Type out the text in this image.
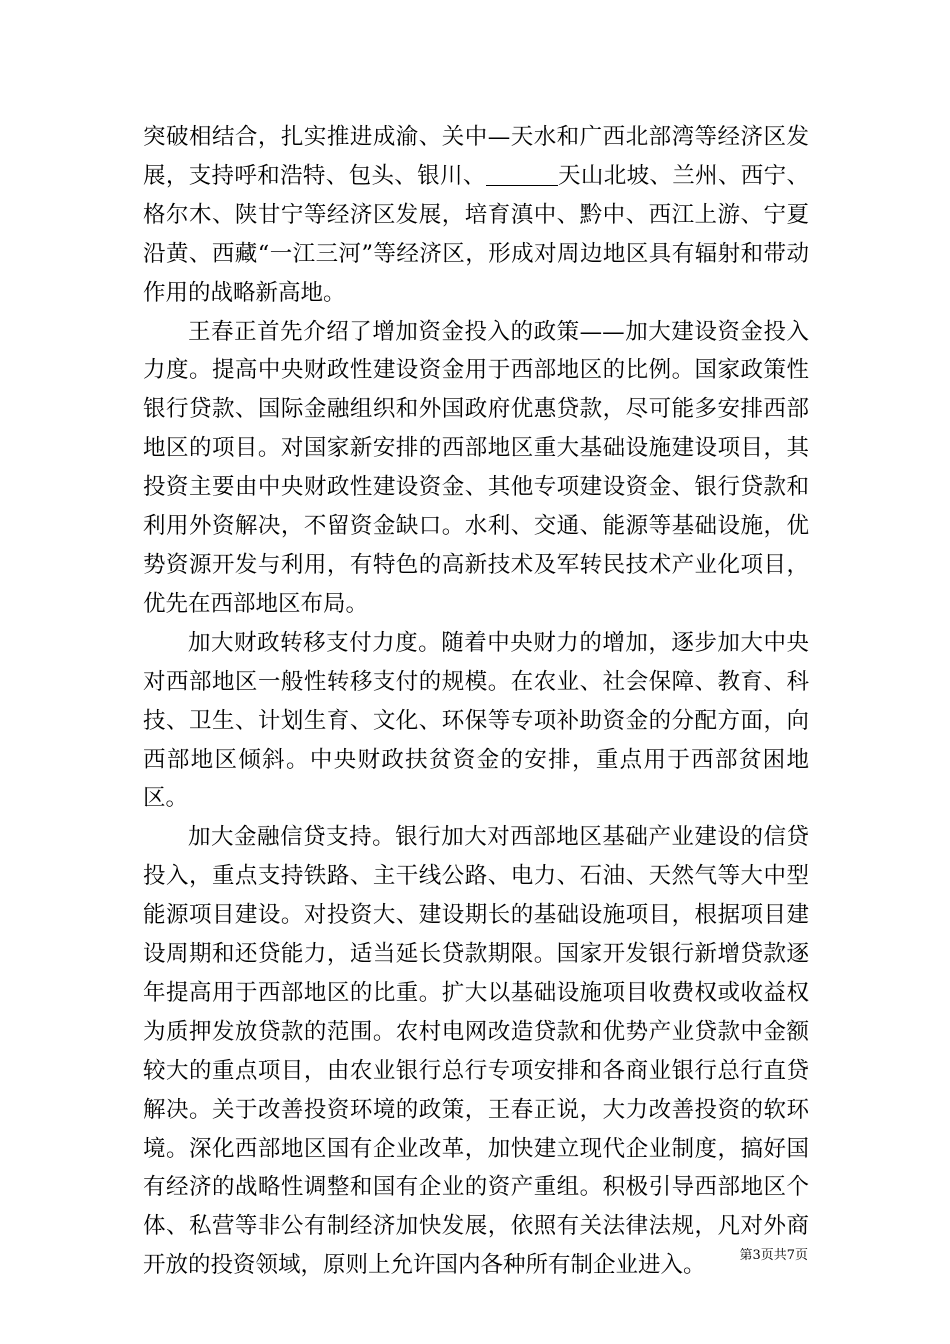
突破相结合，扎实推进成渝、关中—天水和广西北部湾等经济区发展，支持呼和浩特、包头、银川、	天山北坡、兰州、西宁、格尔木、陕甘宁等经济区发展，培育滇中、黔中、西江上游、宁夏沿黄、西藏“一江三河”等经济区，形成对周边地区具有辐射和带动作用的战略新高地。

王春正首先介绍了增加资金投入的政策——加大建设资金投入力度。提高中央财政性建设资金用于西部地区的比例。国家政策性银行贷款、国际金融组织和外国政府优惠贷款，尽可能多安排西部地区的项目。对国家新安排的西部地区重大基础设施建设项目，其投资主要由中央财政性建设资金、其他专项建设资金、银行贷款和利用外资解决，不留资金缺口。水利、交通、能源等基础设施，优势资源开发与利用，有特色的高新技术及军转民技术产业化项目，优先在西部地区布局。

加大财政转移支付力度。随着中央财力的增加，逐步加大中央对西部地区一般性转移支付的规模。在农业、社会保障、教育、科技、卫生、计划生育、文化、环保等专项补助资金的分配方面，向西部地区倾斜。中央财政扶贫资金的安排，重点用于西部贫困地区。

加大金融信贷支持。银行加大对西部地区基础产业建设的信贷投入，重点支持铁路、主干线公路、电力、石油、天然气等大中型能源项目建设。对投资大、建设期长的基础设施项目，根据项目建设周期和还贷能力，适当延长贷款期限。国家开发银行新增贷款逐年提高用于西部地区的比重。扩大以基础设施项目收费权或收益权为质押发放贷款的范围。农村电网改造贷款和优势产业贷款中金额较大的重点项目，由农业银行总行专项安排和各商业银行总行直贷解决。关于改善投资环境的政策，王春正说，大力改善投资的软环境。深化西部地区国有企业改革，加快建立现代企业制度，搞好国有经济的战略性调整和国有企业的资产重组。积极引导西部地区个体、私营等非公有制经济加快发展，依照有关法律法规，凡对外商开放的投资领域，原则上允许国内各种所有制企业进入。	第3页共7页
